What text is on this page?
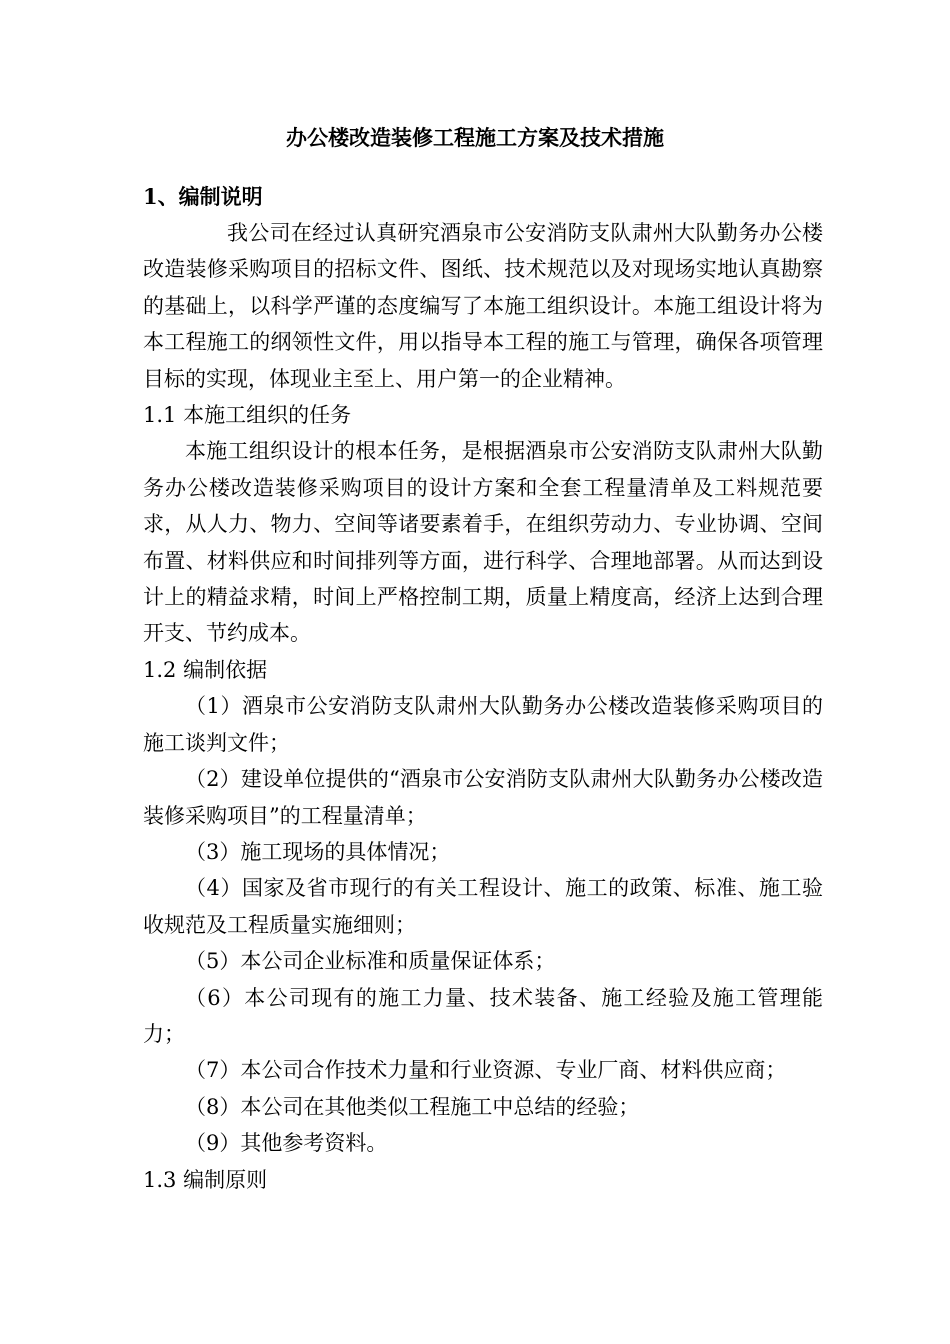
办公楼改造装修工程施工方案及技术措施
1、编制说明

我公司在经过认真研究酒泉市公安消防支队肃州大队勤务办公楼改造装修采购项目的招标文件、图纸、技术规范以及对现场实地认真勘察的基础上，以科学严谨的态度编写了本施工组织设计。本施工组设计将为本工程施工的纲领性文件，用以指导本工程的施工与管理，确保各项管理目标的实现，体现业主至上、用户第一的企业精神。

1.1 本施工组织的任务

本施工组织设计的根本任务，是根据酒泉市公安消防支队肃州大队勤务办公楼改造装修采购项目的设计方案和全套工程量清单及工料规范要求，从人力、物力、空间等诸要素着手，在组织劳动力、专业协调、空间布置、材料供应和时间排列等方面，进行科学、合理地部署。从而达到设计上的精益求精，时间上严格控制工期，质量上精度高，经济上达到合理开支、节约成本。

1.2 编制依据

（1）酒泉市公安消防支队肃州大队勤务办公楼改造装修采购项目的施工谈判文件；

（2）建设单位提供的“酒泉市公安消防支队肃州大队勤务办公楼改造装修采购项目”的工程量清单；

（3）施工现场的具体情况；

（4）国家及省市现行的有关工程设计、施工的政策、标准、施工验收规范及工程质量实施细则；

（5）本公司企业标准和质量保证体系；

（6）本公司现有的施工力量、技术装备、施工经验及施工管理能力；

（7）本公司合作技术力量和行业资源、专业厂商、材料供应商；

（8）本公司在其他类似工程施工中总结的经验；

（9）其他参考资料。

1.3 编制原则
